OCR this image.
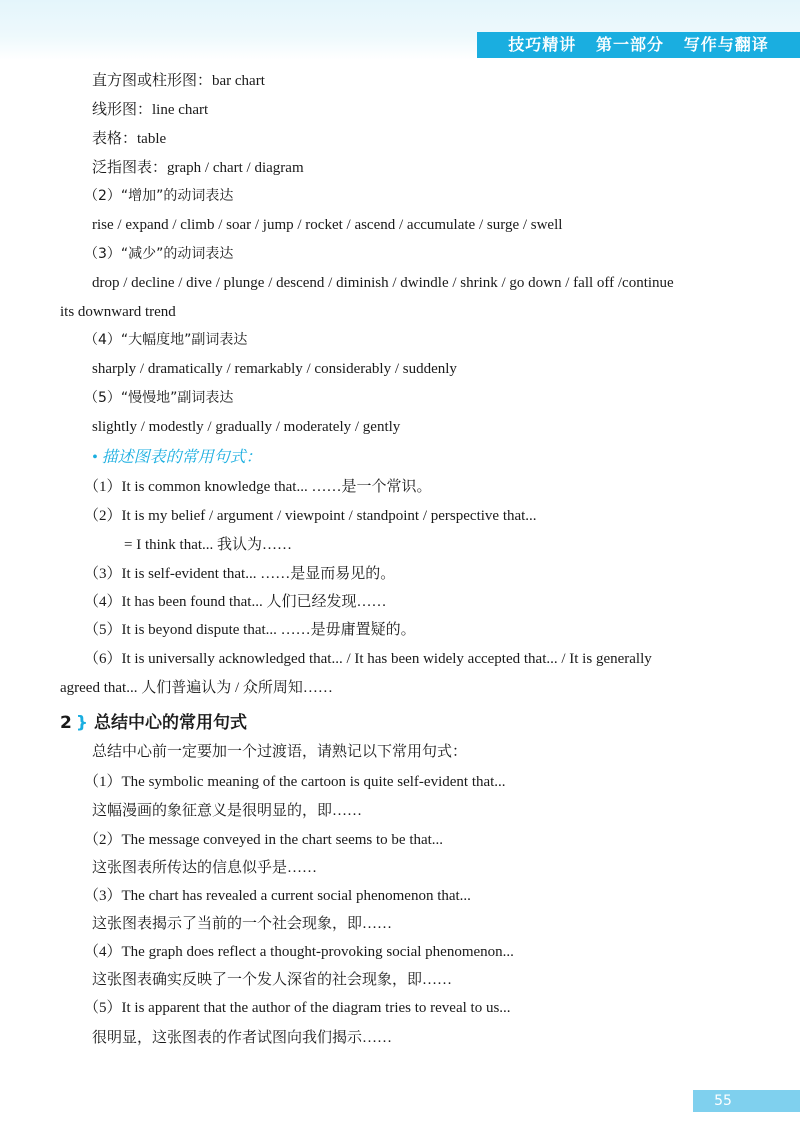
技巧精讲   第一部分   写作与翻译
直方图或柱形图：bar chart
线形图：line chart
表格：table
泛指图表：graph / chart / diagram
（2）“增加”的动词表达
rise / expand / climb / soar / jump / rocket / ascend / accumulate / surge / swell
（3）“减少”的动词表达
drop / decline / dive / plunge / descend / diminish / dwindle / shrink / go down / fall off /continue
its downward trend
（4）“大幅度地”副词表达
sharply / dramatically / remarkably / considerably / suddenly
（5）“慢慢地”副词表达
slightly / modestly / gradually / moderately / gently
• 描述图表的常用句式：
（1）It is common knowledge that... ……是一个常识。
（2）It is my belief / argument / viewpoint / standpoint / perspective that...
= I think that... 我认为……
（3）It is self-evident that... ……是显而易见的。
（4）It has been found that... 人们已经发现……
（5）It is beyond dispute that... ……是毋庸置疑的。
（6）It is universally acknowledged that... / It has been widely accepted that... / It is generally
agreed that... 人们普遍认为 / 众所周知……
2 } 总结中心的常用句式
总结中心前一定要加一个过渡语，请熟记以下常用句式：
（1）The symbolic meaning of the cartoon is quite self-evident that...
这幅漫画的象征意义是很明显的，即……
（2）The message conveyed in the chart seems to be that...
这张图表所传达的信息似乎是……
（3）The chart has revealed a current social phenomenon that...
这张图表揭示了当前的一个社会现象，即……
（4）The graph does reflect a thought-provoking social phenomenon...
这张图表确实反映了一个发人深省的社会现象，即……
（5）It is apparent that the author of the diagram tries to reveal to us...
很明显，这张图表的作者试图向我们揭示……
55
